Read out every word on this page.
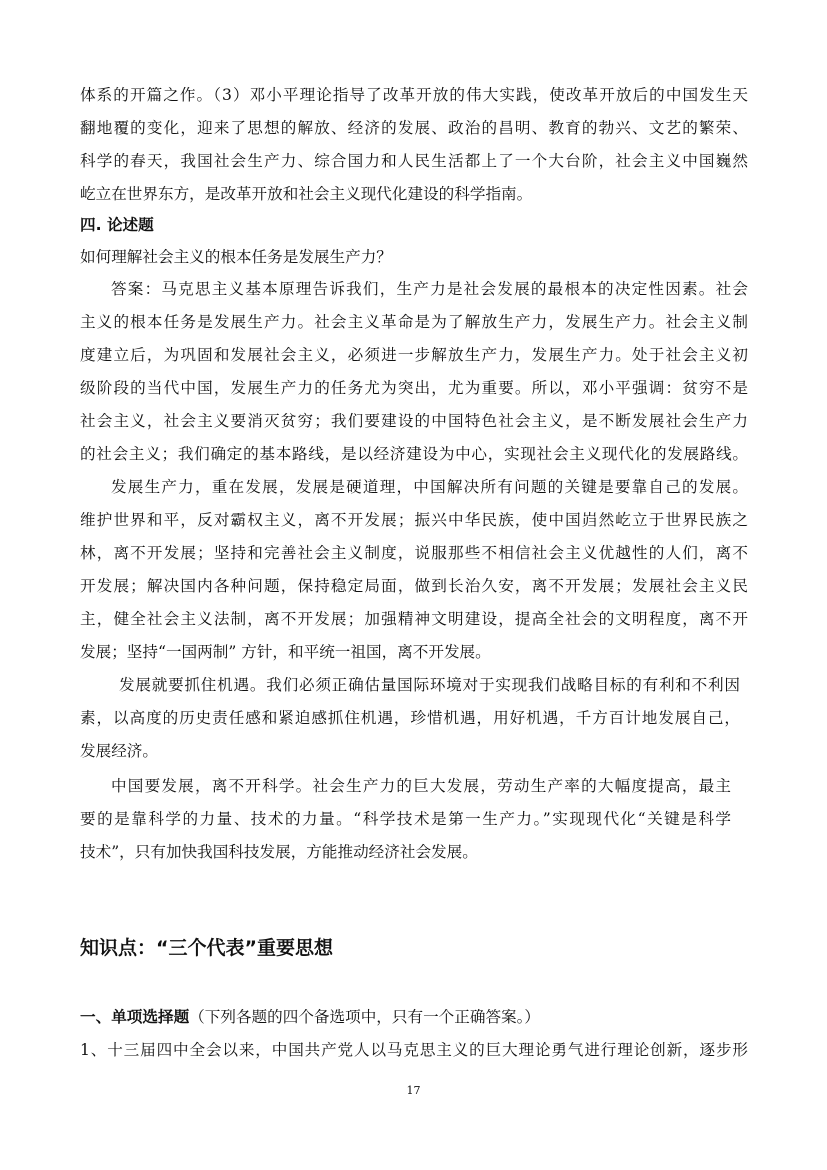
体系的开篇之作。（3）邓小平理论指导了改革开放的伟大实践，使改革开放后的中国发生天
翻地覆的变化，迎来了思想的解放、经济的发展、政治的昌明、教育的勃兴、文艺的繁荣、
科学的春天，我国社会生产力、综合国力和人民生活都上了一个大台阶，社会主义中国巍然
屹立在世界东方，是改革开放和社会主义现代化建设的科学指南。
四. 论述题
如何理解社会主义的根本任务是发展生产力？
答案：马克思主义基本原理告诉我们，生产力是社会发展的最根本的决定性因素。社会
主义的根本任务是发展生产力。社会主义革命是为了解放生产力，发展生产力。社会主义制
度建立后，为巩固和发展社会主义，必须进一步解放生产力，发展生产力。处于社会主义初
级阶段的当代中国，发展生产力的任务尤为突出，尤为重要。所以，邓小平强调：贫穷不是
社会主义，社会主义要消灭贫穷；我们要建设的中国特色社会主义，是不断发展社会生产力
的社会主义；我们确定的基本路线，是以经济建设为中心，实现社会主义现代化的发展路线。
发展生产力，重在发展，发展是硬道理，中国解决所有问题的关键是要靠自己的发展。
维护世界和平，反对霸权主义，离不开发展；振兴中华民族，使中国岿然屹立于世界民族之
林，离不开发展；坚持和完善社会主义制度，说服那些不相信社会主义优越性的人们，离不
开发展；解决国内各种问题，保持稳定局面，做到长治久安，离不开发展；发展社会主义民
主，健全社会主义法制，离不开发展；加强精神文明建设，提高全社会的文明程度，离不开
发展；坚持“一国两制” 方针，和平统一祖国，离不开发展。
发展就要抓住机遇。我们必须正确估量国际环境对于实现我们战略目标的有利和不利因
素，以高度的历史责任感和紧迫感抓住机遇，珍惜机遇，用好机遇，千方百计地发展自己，
发展经济。
中国要发展，离不开科学。社会生产力的巨大发展，劳动生产率的大幅度提高，最主
要的是靠科学的力量、技术的力量。“科学技术是第一生产力。”实现现代化“关键是科学
技术”，只有加快我国科技发展，方能推动经济社会发展。
知识点：“三个代表”重要思想
一、单项选择题（下列各题的四个备选项中，只有一个正确答案。）
1、十三届四中全会以来，中国共产党人以马克思主义的巨大理论勇气进行理论创新，逐步形
17
